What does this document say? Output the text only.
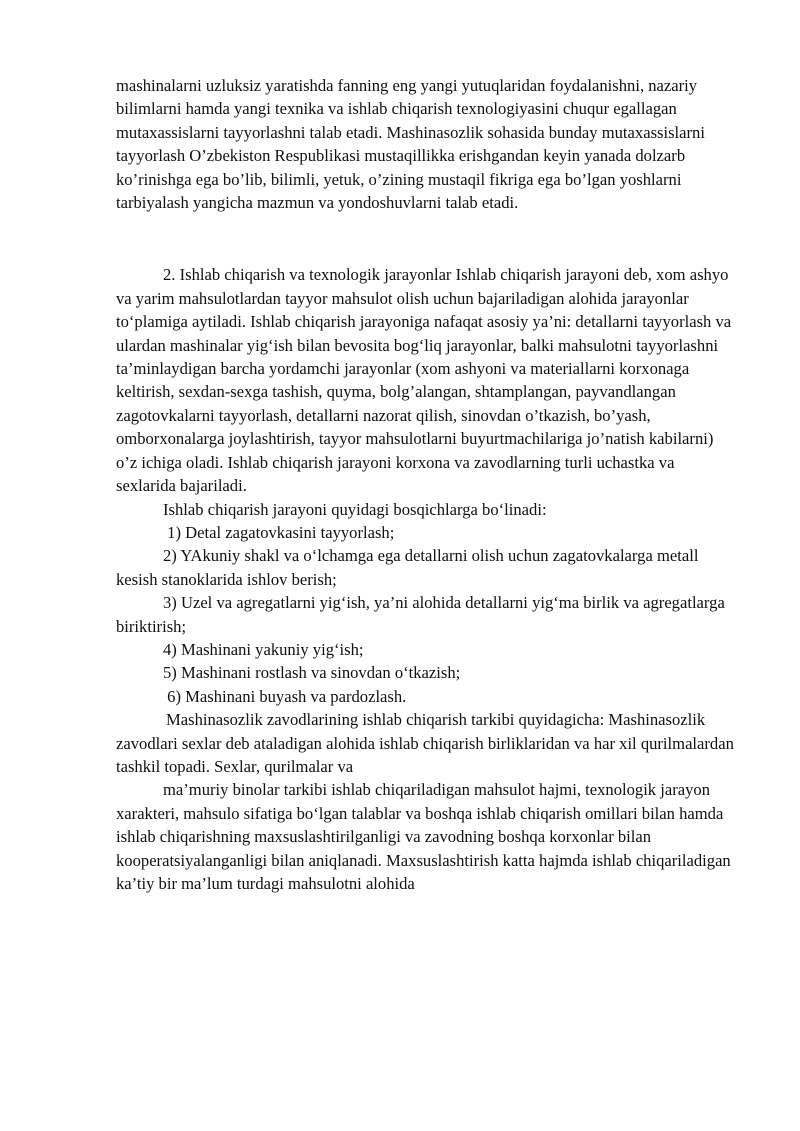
mashinalarni uzluksiz yaratishda fanning eng yangi yutuqlaridan foydalanishni, nazariy bilimlarni hamda yangi texnika va ishlab chiqarish texnologiyasini chuqur egallagan mutaxassislarni tayyorlashni talab etadi. Mashinasozlik sohasida bunday mutaxassislarni tayyorlash O’zbekiston Respublikasi mustaqillikka erishgandan keyin yanada dolzarb ko’rinishga ega bo’lib, bilimli, yetuk, o’zining mustaqil fikriga ega bo’lgan yoshlarni tarbiyalash yangicha mazmun va yondoshuvlarni talab etadi.

2. Ishlab chiqarish va texnologik jarayonlar Ishlab chiqarish jarayoni deb, xom ashyo va yarim mahsulotlardan tayyor mahsulot olish uchun bajariladigan alohida jarayonlar to‘plamiga aytiladi. Ishlab chiqarish jarayoniga nafaqat asosiy ya’ni: detallarni tayyorlash va ulardan mashinalar yig‘ish bilan bevosita bog‘liq jarayonlar, balki mahsulotni tayyorlashni ta’minlaydigan barcha yordamchi jarayonlar (xom ashyoni va materiallarni korxonaga keltirish, sexdan-sexga tashish, quyma, bolg’alangan, shtamplangan, payvandlangan zagotovkalarni tayyorlash, detallarni nazorat qilish, sinovdan o’tkazish, bo’yash, omborxonalarga joylashtirish, tayyor mahsulotlarni buyurtmachilariga jo’natish kabilarni) o’z ichiga oladi. Ishlab chiqarish jarayoni korxona va zavodlarning turli uchastka va sexlarida bajariladi.

Ishlab chiqarish jarayoni quyidagi bosqichlarga bo‘linadi:

1) Detal zagatovkasini tayyorlash;

2) YAkuniy shakl va o‘lchamga ega detallarni olish uchun zagatovkalarga metall kesish stanoklarida ishlov berish;

3) Uzel va agregatlarni yig‘ish, ya’ni alohida detallarni yig‘ma birlik va agregatlarga biriktirish;

4) Mashinani yakuniy yig‘ish;

5) Mashinani rostlash va sinovdan o‘tkazish;

6) Mashinani buyash va pardozlash.

Mashinasozlik zavodlarining ishlab chiqarish tarkibi quyidagicha: Mashinasozlik zavodlari sexlar deb ataladigan alohida ishlab chiqarish birliklaridan va har xil qurilmalardan tashkil topadi. Sexlar, qurilmalar va

ma’muriy binolar tarkibi ishlab chiqariladigan mahsulot hajmi, texnologik jarayon xarakteri, mahsulo sifatiga bo‘lgan talablar va boshqa ishlab chiqarish omillari bilan hamda ishlab chiqarishning maxsuslashtirilganligi va zavodning boshqa korxonlar bilan kooperatsiyalanganligi bilan aniqlanadi. Maxsuslashtirish katta hajmda ishlab chiqariladigan ka’tiy bir ma’lum turdagi mahsulotni alohida
